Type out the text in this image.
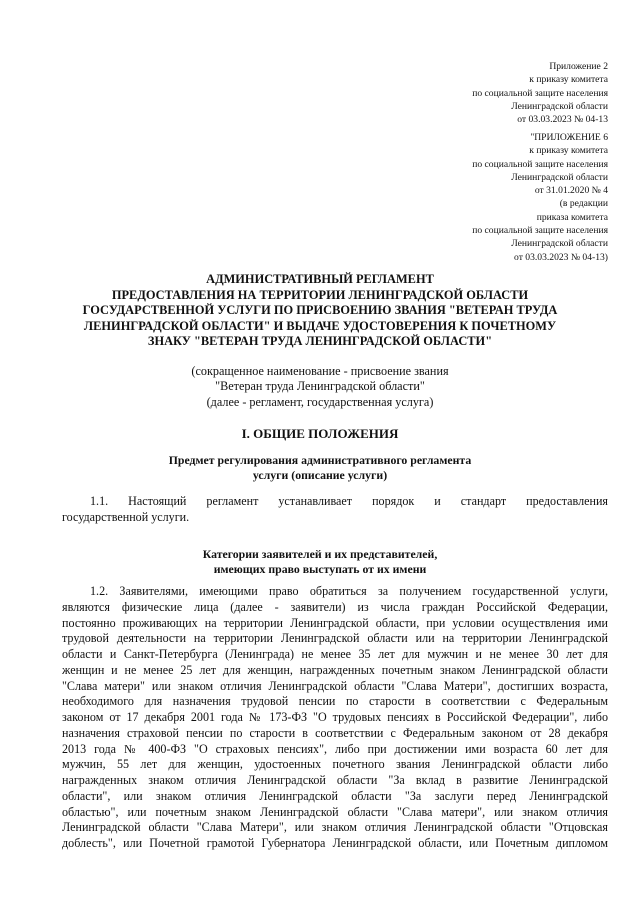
Приложение 2
к приказу комитета
по социальной защите населения
Ленинградской области
от 03.03.2023 № 04-13
"ПРИЛОЖЕНИЕ 6
к приказу комитета
по социальной защите населения
Ленинградской области
от 31.01.2020 № 4
(в редакции
приказа комитета
по социальной защите населения
Ленинградской области
от 03.03.2023 № 04-13)
АДМИНИСТРАТИВНЫЙ РЕГЛАМЕНТ
ПРЕДОСТАВЛЕНИЯ НА ТЕРРИТОРИИ ЛЕНИНГРАДСКОЙ ОБЛАСТИ
ГОСУДАРСТВЕННОЙ УСЛУГИ ПО ПРИСВОЕНИЮ ЗВАНИЯ "ВЕТЕРАН ТРУДА
ЛЕНИНГРАДСКОЙ ОБЛАСТИ" И ВЫДАЧЕ УДОСТОВЕРЕНИЯ К ПОЧЕТНОМУ
ЗНАКУ "ВЕТЕРАН ТРУДА ЛЕНИНГРАДСКОЙ ОБЛАСТИ"
(сокращенное наименование - присвоение звания
"Ветеран труда Ленинградской области"
(далее - регламент, государственная услуга)
I. ОБЩИЕ ПОЛОЖЕНИЯ
Предмет регулирования административного регламента
услуги (описание услуги)
1.1. Настоящий регламент устанавливает порядок и стандарт предоставления
государственной услуги.
Категории заявителей и их представителей,
имеющих право выступать от их имени
1.2. Заявителями, имеющими право обратиться за получением государственной услуги,
являются физические лица (далее - заявители) из числа граждан Российской Федерации,
постоянно проживающих на территории Ленинградской области, при условии осуществления ими
трудовой деятельности на территории Ленинградской области или на территории Ленинградской
области и Санкт-Петербурга (Ленинграда) не менее 35 лет для мужчин и не менее 30 лет для
женщин и не менее 25 лет для женщин, награжденных почетным знаком Ленинградской области
"Слава матери" или знаком отличия Ленинградской области "Слава Матери", достигших возраста,
необходимого для назначения трудовой пенсии по старости в соответствии с Федеральным
законом от 17 декабря 2001 года № 173-ФЗ "О трудовых пенсиях в Российской Федерации", либо
назначения страховой пенсии по старости в соответствии с Федеральным законом от 28 декабря
2013 года № 400-ФЗ "О страховых пенсиях", либо при достижении ими возраста 60 лет для
мужчин, 55 лет для женщин, удостоенных почетного звания Ленинградской области либо
награжденных знаком отличия Ленинградской области "За вклад в развитие Ленинградской
области", или знаком отличия Ленинградской области "За заслуги перед Ленинградской
областью", или почетным знаком Ленинградской области "Слава матери", или знаком отличия
Ленинградской области "Слава Матери", или знаком отличия Ленинградской области "Отцовская
доблесть", или Почетной грамотой Губернатора Ленинградской области, или Почетным дипломом
